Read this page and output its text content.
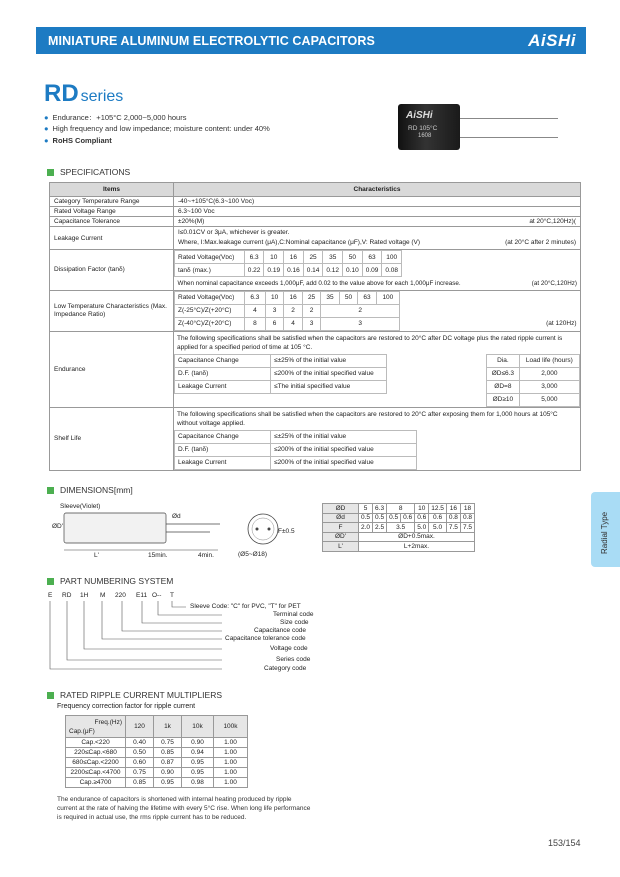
MINIATURE ALUMINUM ELECTROLYTIC CAPACITORS	AiSHi
RD series
● Endurance：+105°C 2,000~5,000 hours
● High frequency and low impedance; moisture content: under 40%
● RoHS Compliant
AiSHi
RD 105°C
1608
SPECIFICATIONS
Items	Characteristics
Category Temperature Range	-40~+105°C(6.3~100 Vᴅᴄ)
Rated Voltage Range	6.3~100 Vᴅᴄ
Capacitance Tolerance	±20%(M)	(
at 20°C,120Hz)

Leakage Current	
I≤0.01CV or 3μA, whichever is greater.
Where, I:Max.leakage current (μA),C:Nominal capacitance (μF),V: Rated voltage (V)	(at 20°C after 2 minutes)

Dissipation Factor (tanδ)	
Rated Voltage(Vᴅᴄ)	6.3	10	16	25	35	50	63	100	
tanδ (max.)	0.22	0.19	0.16	0.14	0.12	0.10	0.09	0.08	
When nominal capacitance exceeds 1,000μF, add 0.02 to the value above for each 1,000μF increase.	(at 20°C,120Hz)

Low Temperature Characteristics (Max. Impedance Ratio)	
Rated Voltage(Vᴅᴄ)	6.3	10	16	25	35	50	63	100	
Z(-25°C)/Z(+20°C)	4	3	2	2	2	
Z(-40°C)/Z(+20°C)	8	6	4	3	3	(at 120Hz)

Endurance	
The following specifications shall be satisfied when the capacitors are restored to 20°C after DC voltage plus the rated ripple current is applied for a specified period of time at 105 °C.
Capacitance Change	≤±25% of the initial value		Dia.	Load life (hours)
D.F. (tanδ)	≤200% of the initial specified value		ØD≤6.3	2,000
Leakage Current	≤The initial specified value		ØD=8	3,000
			ØD≥10	5,000

Shelf Life	
The following specifications shall be satisfied when the capacitors are restored to 20°C after exposing them for 1,000 hours at 105°C without voltage applied.
Capacitance Change	≤±25% of the initial value	
D.F. (tanδ)	≤200% of the initial specified value	
Leakage Current	≤200% of the initial specified value	
DIMENSIONS[mm]
Sleeve(Violet)
ØD'
Ød
L'	15min.	4min.
F±0.5
(Ø5~Ø18)
ØD	5	6.3	8		10	12.5	16	18
Ød	0.5	0.5	0.5	0.6	0.6	0.6	0.8	0.8
F	2.0	2.5	3.5		5.0	5.0	7.5	7.5
ØD'	ØD+0.5max.							
L'	L+2max.							
PART NUMBERING SYSTEM
E RD 1H M 220 E11 O-- T
Sleeve Code: "C" for PVC, "T" for PET
Terminal code
Size code
Capacitance code
Capacitance tolerance code
Voltage code
Series code
Category code
RATED RIPPLE CURRENT MULTIPLIERS
Frequency correction factor for ripple current
Freq.(Hz)
Cap.(μF)	120	1k	10k	100k
Cap.<220	0.40	0.75	0.90	1.00
220≤Cap.<680	0.50	0.85	0.94	1.00
680≤Cap.<2200	0.60	0.87	0.95	1.00
2200≤Cap.<4700	0.75	0.90	0.95	1.00
Cap.≥4700	0.85	0.95	0.98	1.00
The endurance of capacitors is shortened with internal heating produced by ripple current at the rate of halving the lifetime with every 5°C rise. When long life performance is required in actual use, the rms ripple current has to be reduced.
Radial Type
153/154
